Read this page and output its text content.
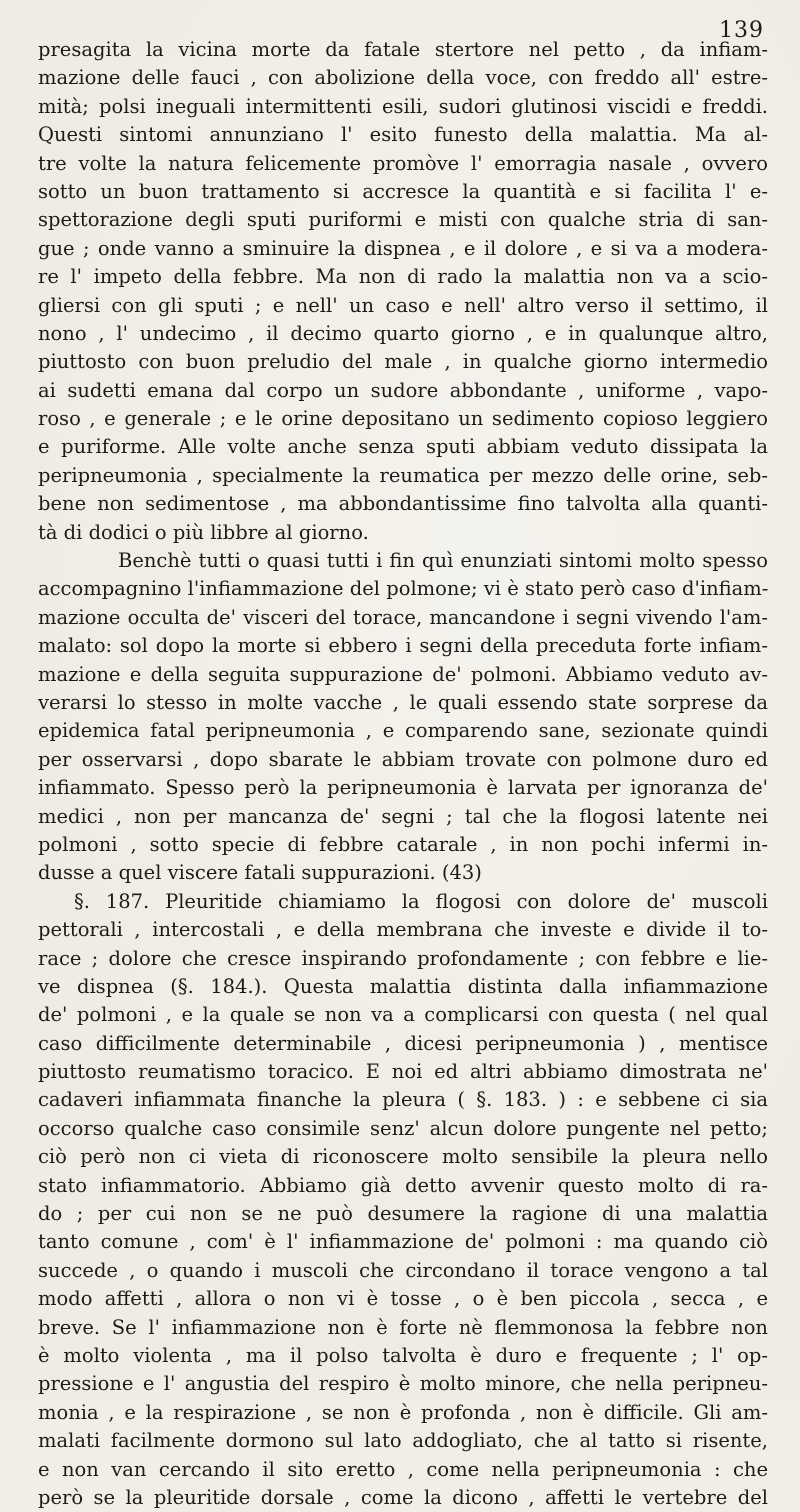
139
presagita la vicina morte da fatale stertore nel petto , da infiam-
mazione delle fauci , con abolizione della voce, con freddo all' estre-
mità; polsi ineguali intermittenti esili, sudori glutinosi viscidi e freddi.
Questi sintomi annunziano l' esito funesto della malattia. Ma al-
tre volte la natura felicemente promòve l' emorragia nasale , ovvero
sotto un buon trattamento si accresce la quantità e si facilita l' e-
spettorazione degli sputi puriformi e misti con qualche stria di san-
gue ; onde vanno a sminuire la dispnea , e il dolore , e si va a modera-
re l' impeto della febbre. Ma non di rado la malattia non va a scio-
gliersi con gli sputi ; e nell' un caso e nell' altro verso il settimo, il
nono , l' undecimo , il decimo quarto giorno , e in qualunque altro,
piuttosto con buon preludio del male , in qualche giorno intermedio
ai sudetti emana dal corpo un sudore abbondante , uniforme , vapo-
roso , e generale ; e le orine depositano un sedimento copioso leggiero
e puriforme. Alle volte anche senza sputi abbiam veduto dissipata la
peripneumonia , specialmente la reumatica per mezzo delle orine, seb-
bene non sedimentose , ma abbondantissime fino talvolta alla quanti-
tà di dodici o più libbre al giorno.
Benchè tutti o quasi tutti i fin quì enunziati sintomi molto spesso
accompagnino l'infiammazione del polmone; vi è stato però caso d'infiam-
mazione occulta de' visceri del torace, mancandone i segni vivendo l'am-
malato: sol dopo la morte si ebbero i segni della preceduta forte infiam-
mazione e della seguita suppurazione de' polmoni. Abbiamo veduto av-
verarsi lo stesso in molte vacche , le quali essendo state sorprese da
epidemica fatal peripneumonia , e comparendo sane, sezionate quindi
per osservarsi , dopo sbarate le abbiam trovate con polmone duro ed
infiammato. Spesso però la peripneumonia è larvata per ignoranza de'
medici , non per mancanza de' segni ; tal che la flogosi latente nei
polmoni , sotto specie di febbre catarale , in non pochi infermi in-
dusse a quel viscere fatali suppurazioni. (43)
§. 187. Pleuritide chiamiamo la flogosi con dolore de' muscoli
pettorali , intercostali , e della membrana che investe e divide il to-
race ; dolore che cresce inspirando profondamente ; con febbre e lie-
ve dispnea (§. 184.). Questa malattia distinta dalla infiammazione
de' polmoni , e la quale se non va a complicarsi con questa ( nel qual
caso difficilmente determinabile , dicesi peripneumonia ) , mentisce
piuttosto reumatismo toracico. E noi ed altri abbiamo dimostrata ne'
cadaveri infiammata finanche la pleura ( §. 183. ) : e sebbene ci sia
occorso qualche caso consimile senz' alcun dolore pungente nel petto;
ciò però non ci vieta di riconoscere molto sensibile la pleura nello
stato infiammatorio. Abbiamo già detto avvenir questo molto di ra-
do ; per cui non se ne può desumere la ragione di una malattia
tanto comune , com' è l' infiammazione de' polmoni : ma quando ciò
succede , o quando i muscoli che circondano il torace vengono a tal
modo affetti , allora o non vi è tosse , o è ben piccola , secca , e
breve. Se l' infiammazione non è forte nè flemmonosa la febbre non
è molto violenta , ma il polso talvolta è duro e frequente ; l' op-
pressione e l' angustia del respiro è molto minore, che nella peripneu-
monia , e la respirazione , se non è profonda , non è difficile. Gli am-
malati facilmente dormono sul lato addogliato, che al tatto si risente,
e non van cercando il sito eretto , come nella peripneumonia : che
però se la pleuritide dorsale , come la dicono , affetti le vertebre del
